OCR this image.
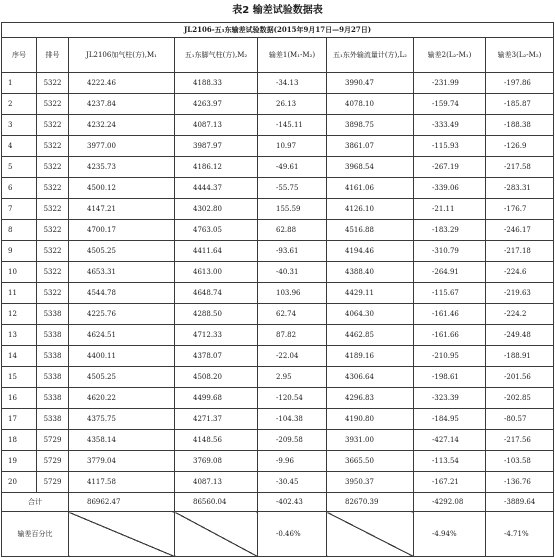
表2 输差试验数据表
JL2106-五₁东输差试验数据(2015年9月17日—9月27日)							
序号	排号	JL2106加气柱(方),M₁	五₁东脚气柱(方),M₂	输差1(M₁-M₂)	五₁东外输流量计(方),L₂	输差2(L₂-M₁)	输差3(L₂-M₂)
1	5322	4222.46	4188.33	-34.13	3990.47	-231.99	-197.86
2	5322	4237.84	4263.97	26.13	4078.10	-159.74	-185.87
3	5322	4232.24	4087.13	-145.11	3898.75	-333.49	-188.38
4	5322	3977.00	3987.97	10.97	3861.07	-115.93	-126.9
5	5322	4235.73	4186.12	-49.61	3968.54	-267.19	-217.58
6	5322	4500.12	4444.37	-55.75	4161.06	-339.06	-283.31
7	5322	4147.21	4302.80	155.59	4126.10	-21.11	-176.7
8	5322	4700.17	4763.05	62.88	4516.88	-183.29	-246.17
9	5322	4505.25	4411.64	-93.61	4194.46	-310.79	-217.18
10	5322	4653.31	4613.00	-40.31	4388.40	-264.91	-224.6
11	5322	4544.78	4648.74	103.96	4429.11	-115.67	-219.63
12	5338	4225.76	4288.50	62.74	4064.30	-161.46	-224.2
13	5338	4624.51	4712.33	87.82	4462.85	-161.66	-249.48
14	5338	4400.11	4378.07	-22.04	4189.16	-210.95	-188.91
15	5338	4505.25	4508.20	2.95	4306.64	-198.61	-201.56
16	5338	4620.22	4499.68	-120.54	4296.83	-323.39	-202.85
17	5338	4375.75	4271.37	-104.38	4190.80	-184.95	-80.57
18	5729	4358.14	4148.56	-209.58	3931.00	-427.14	-217.56
19	5729	3779.04	3769.08	-9.96	3665.50	-113.54	-103.58
20	5729	4117.58	4087.13	-30.45	3950.37	-167.21	-136.76
合计		86962.47	86560.04	-402.43	82670.39	-4292.08	-3889.64
输差百分比				-0.46%		-4.94%	-4.71%
